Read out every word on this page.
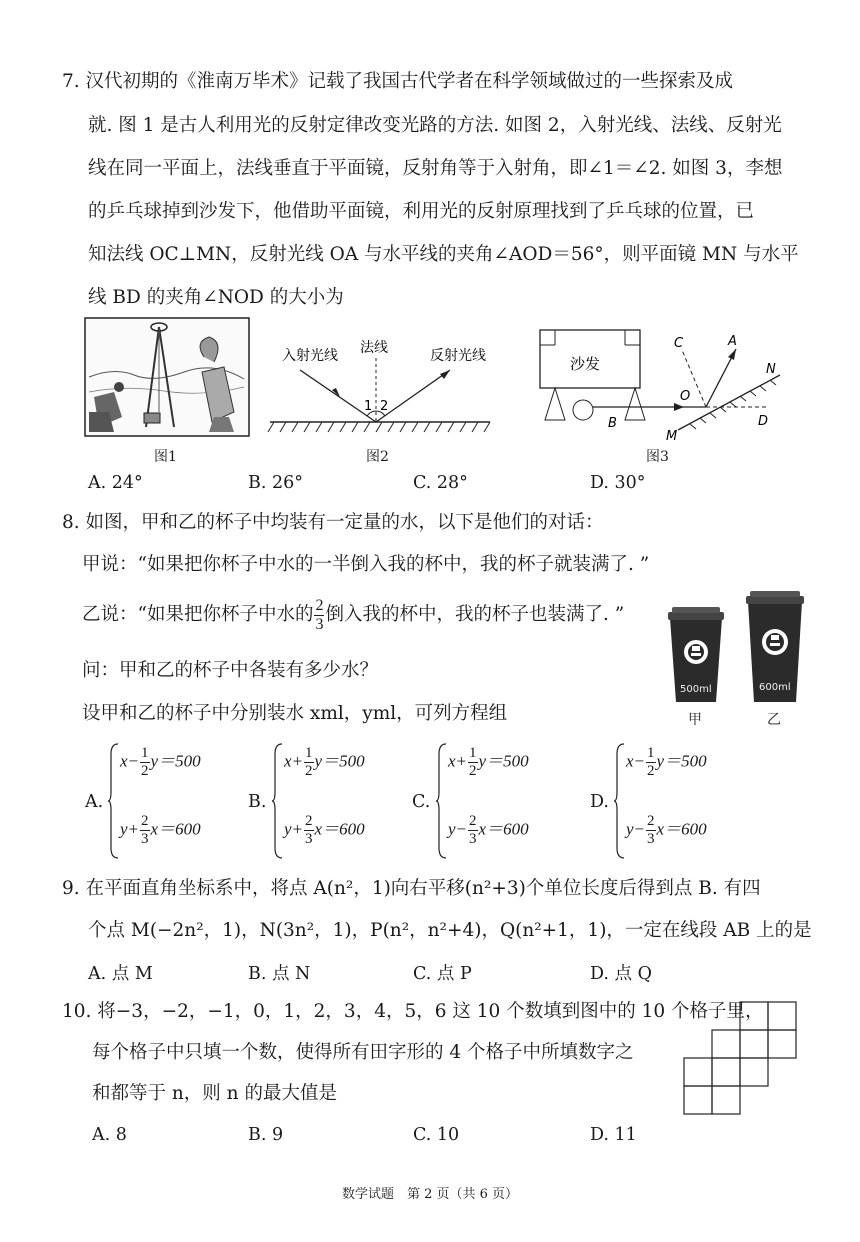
7. 汉代初期的《淮南万毕术》记载了我国古代学者在科学领域做过的一些探索及成
就. 图 1 是古人利用光的反射定律改变光路的方法. 如图 2，入射光线、法线、反射光
线在同一平面上，法线垂直于平面镜，反射角等于入射角，即∠1＝∠2. 如图 3，李想
的乒乓球掉到沙发下，他借助平面镜，利用光的反射原理找到了乒乓球的位置，已
知法线 OC⊥MN，反射光线 OA 与水平线的夹角∠AOD＝56°，则平面镜 MN 与水平
线 BD 的夹角∠NOD 的大小为
图1
入射光线 法线	反射光线
1 2
图2
沙发
C	A
N
O
B	D
M
图3
A. 24°	B. 26°	C. 28°	D. 30°
8. 如图，甲和乙的杯子中均装有一定量的水，以下是他们的对话：
甲说：“如果把你杯子中水的一半倒入我的杯中，我的杯子就装满了. ”
乙说：“如果把你杯子中水的 $\frac{2}{3}$ 倒入我的杯中，我的杯子也装满了. ”
问：甲和乙的杯子中各装有多少水？
设甲和乙的杯子中分别装水 xml，yml，可列方程组
500ml	600ml
甲	乙
A.
$x- \frac{1}{2} y=500$
$y+ \frac{2}{3} x=600$
B.
$x+ \frac{1}{2} y=500$
$y+ \frac{2}{3} x=600$
C.
$x+ \frac{1}{2} y=500$
$y- \frac{2}{3} x=600$
D.
$x- \frac{1}{2} y=500$
$y- \frac{2}{3} x=600$
9. 在平面直角坐标系中，将点 A(n²，1)向右平移(n²+3)个单位长度后得到点 B. 有四
个点 M(−2n²，1)，N(3n²，1)，P(n²，n²+4)，Q(n²+1，1)，一定在线段 AB 上的是
A. 点 M	B. 点 N	C. 点 P	D. 点 Q
10. 将−3，−2，−1，0，1，2，3，4，5，6 这 10 个数填到图中的 10 个格子里，
每个格子中只填一个数，使得所有田字形的 4 个格子中所填数字之
和都等于 n，则 n 的最大值是
A. 8	B. 9	C. 10	D. 11
数学试题　第 2 页（共 6 页）
